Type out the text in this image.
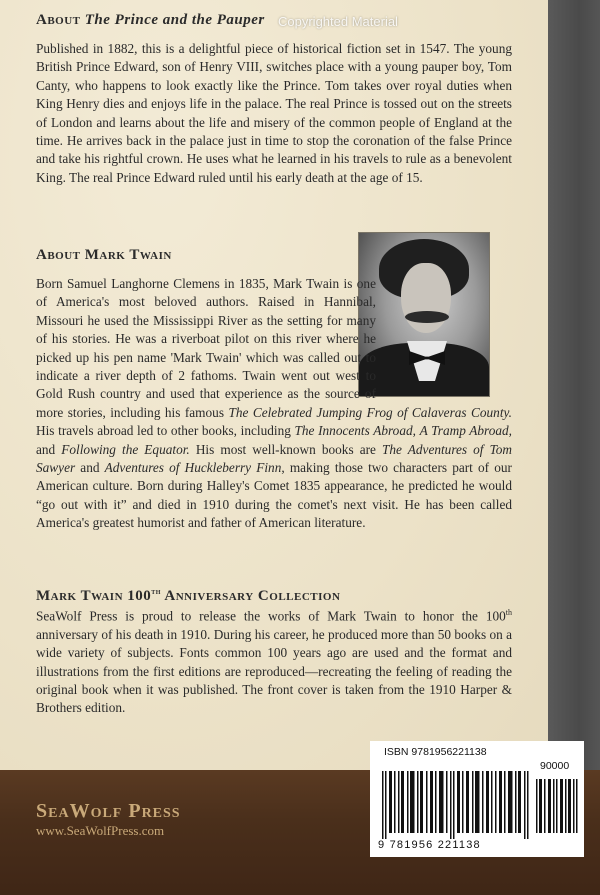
Copyrighted Material
About The Prince and the Pauper

Published in 1882, this is a delightful piece of historical fiction set in 1547. The young British Prince Edward, son of Henry VIII, switches place with a young pauper boy, Tom Canty, who happens to look exactly like the Prince. Tom takes over royal duties when King Henry dies and enjoys life in the palace. The real Prince is tossed out on the streets of London and learns about the life and misery of the common people of England at the time. He arrives back in the palace just in time to stop the coronation of the false Prince and take his rightful crown. He uses what he learned in his travels to rule as a benevolent King. The real Prince Edward ruled until his early death at the age of 15.

About Mark Twain

Born Samuel Langhorne Clemens in 1835, Mark Twain is one of America's most beloved authors. Raised in Hannibal, Missouri he used the Mississippi River as the setting for many of his stories. He was a riverboat pilot on this river where he picked up his pen name 'Mark Twain' which was called out to indicate a river depth of 2 fathoms. Twain went out west to Gold Rush country and used that experience as the source of more stories, including his famous The Celebrated Jumping Frog of Calaveras County. His travels abroad led to other books, including The Innocents Abroad, A Tramp Abroad, and Following the Equator. His most well-known books are The Adventures of Tom Sawyer and Adventures of Huckleberry Finn, making those two characters part of our American culture. Born during Halley's Comet 1835 appearance, he predicted he would “go out with it” and died in 1910 during the comet's next visit. He has been called America's greatest humorist and father of American literature.

Mark Twain 100th Anniversary Collection

SeaWolf Press is proud to release the works of Mark Twain to honor the 100th anniversary of his death in 1910. During his career, he produced more than 50 books on a wide variety of subjects. Fonts common 100 years ago are used and the format and illustrations from the first editions are reproduced—recreating the feeling of reading the original book when it was published. The front cover is taken from the 1910 Harper & Brothers edition.

SeaWolf Press
www.SeaWolfPress.com
ISBN 9781956221138
90000
9 781956 221138
